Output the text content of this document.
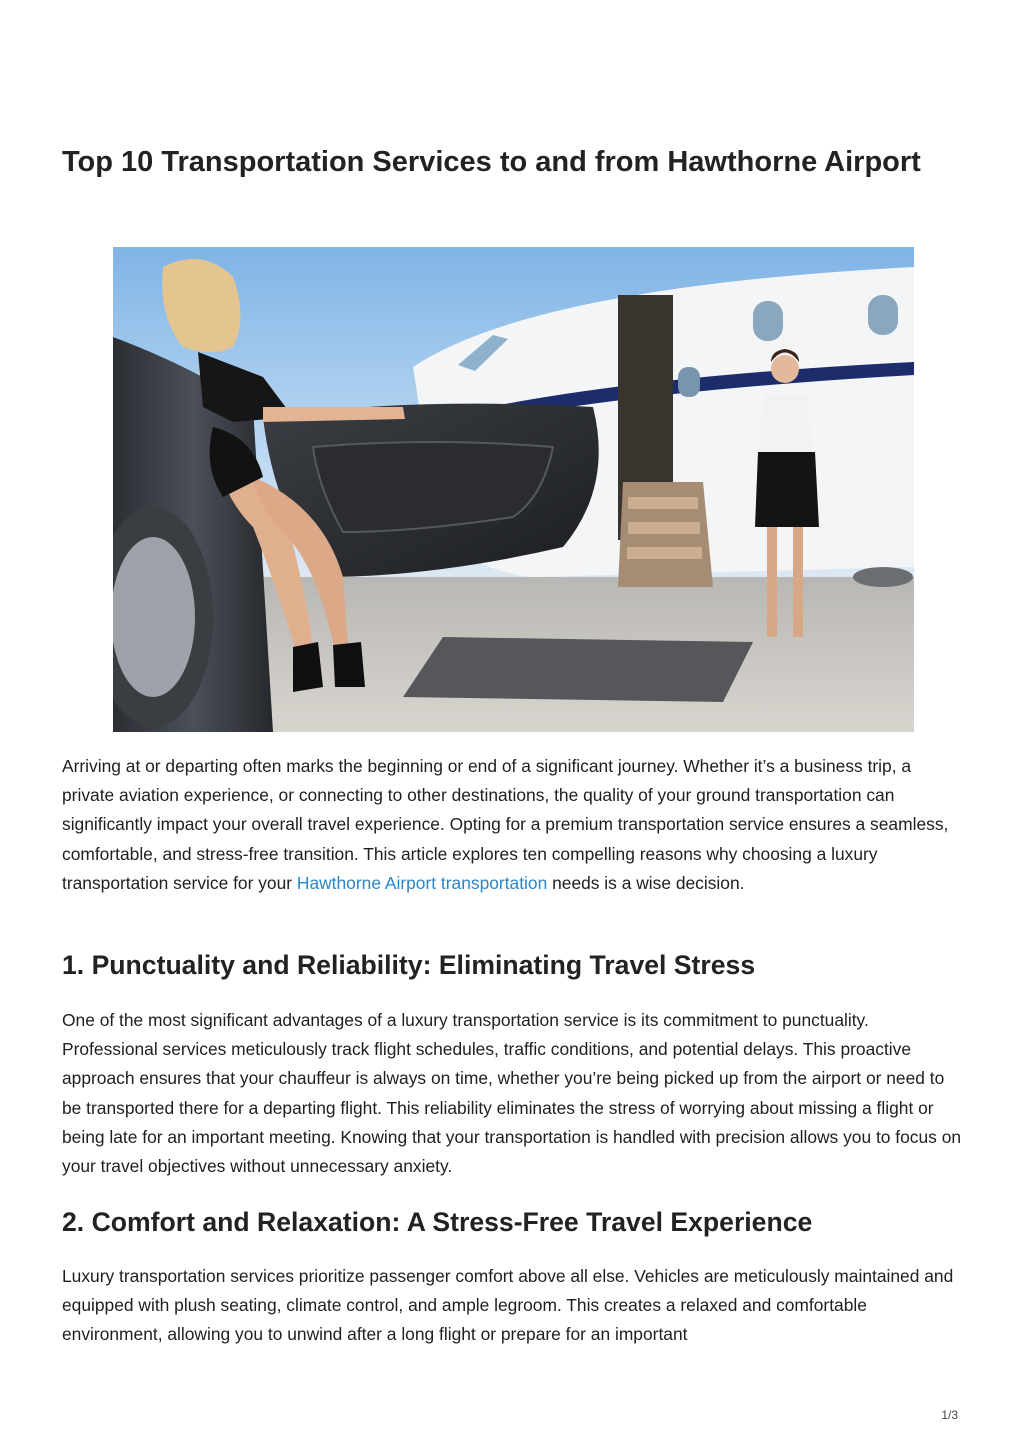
Top 10 Transportation Services to and from Hawthorne Airport

Arriving at or departing often marks the beginning or end of a significant journey. Whether it’s a business trip, a private aviation experience, or connecting to other destinations, the quality of your ground transportation can significantly impact your overall travel experience. Opting for a premium transportation service ensures a seamless, comfortable, and stress-free transition. This article explores ten compelling reasons why choosing a luxury transportation service for your Hawthorne Airport transportation needs is a wise decision.

1. Punctuality and Reliability: Eliminating Travel Stress

One of the most significant advantages of a luxury transportation service is its commitment to punctuality. Professional services meticulously track flight schedules, traffic conditions, and potential delays. This proactive approach ensures that your chauffeur is always on time, whether you’re being picked up from the airport or need to be transported there for a departing flight. This reliability eliminates the stress of worrying about missing a flight or being late for an important meeting. Knowing that your transportation is handled with precision allows you to focus on your travel objectives without unnecessary anxiety.

2. Comfort and Relaxation: A Stress-Free Travel Experience

Luxury transportation services prioritize passenger comfort above all else. Vehicles are meticulously maintained and equipped with plush seating, climate control, and ample legroom. This creates a relaxed and comfortable environment, allowing you to unwind after a long flight or prepare for an important

1/3
